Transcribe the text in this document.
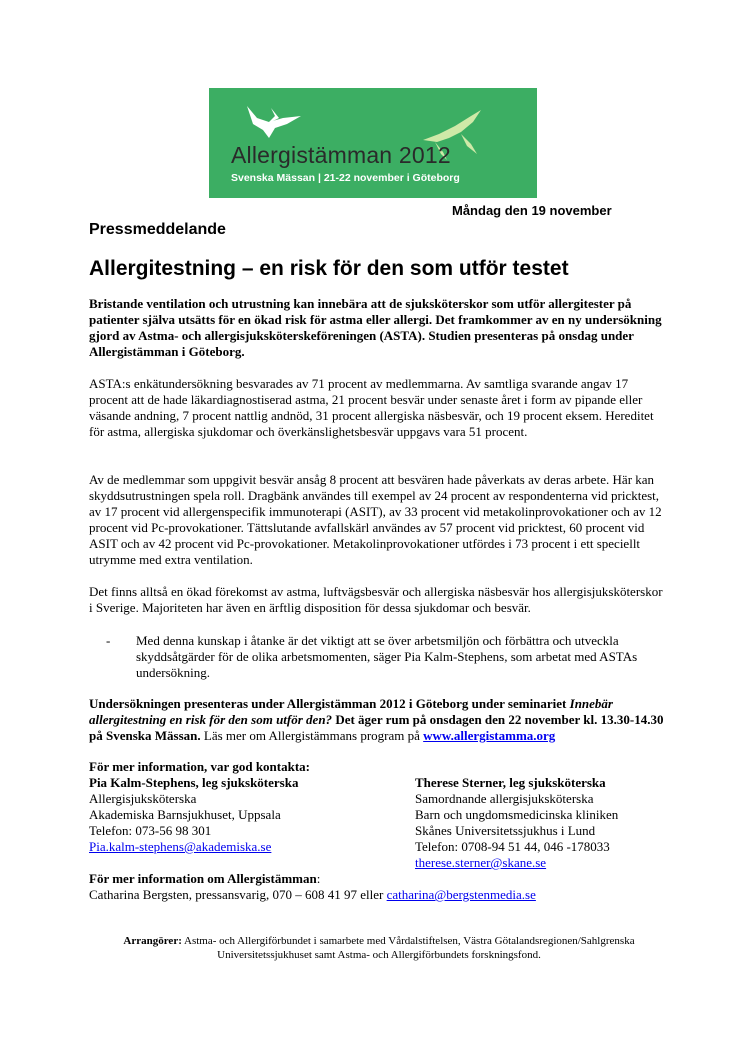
Allergistämman 2012
Svenska Mässan | 21-22 november i Göteborg
Måndag den 19 november
Pressmeddelande
Allergitestning – en risk för den som utför testet
Bristande ventilation och utrustning kan innebära att de sjuksköterskor som utför allergitester på patienter själva utsätts för en ökad risk för astma eller allergi. Det framkommer av en ny undersökning gjord av Astma- och allergisjuksköterskeföreningen (ASTA). Studien presenteras på onsdag under Allergistämman i Göteborg.
ASTA:s enkätundersökning besvarades av 71 procent av medlemmarna. Av samtliga svarande angav 17 procent att de hade läkardiagnostiserad astma, 21 procent besvär under senaste året i form av pipande eller väsande andning, 7 procent nattlig andnöd, 31 procent allergiska näsbesvär, och 19 procent eksem. Hereditet för astma, allergiska sjukdomar och överkänslighetsbesvär uppgavs vara 51 procent.
Av de medlemmar som uppgivit besvär ansåg 8 procent att besvären hade påverkats av deras arbete. Här kan skyddsutrustningen spela roll. Dragbänk användes till exempel av 24 procent av respondenterna vid pricktest, av 17 procent vid allergenspecifik immunoterapi (ASIT), av 33 procent vid metakolinprovokationer och av 12 procent vid Pc-provokationer. Tättslutande avfallskärl användes av 57 procent vid pricktest, 60 procent vid ASIT och av 42 procent vid Pc-provokationer. Metakolinprovokationer utfördes i 73 procent i ett speciellt utrymme med extra ventilation.
Det finns alltså en ökad förekomst av astma, luftvägsbesvär och allergiska näsbesvär hos allergisjuksköterskor i Sverige. Majoriteten har även en ärftlig disposition för dessa sjukdomar och besvär.
- Med denna kunskap i åtanke är det viktigt att se över arbetsmiljön och förbättra och utveckla skyddsåtgärder för de olika arbetsmomenten, säger Pia Kalm-Stephens, som arbetat med ASTAs undersökning.
Undersökningen presenteras under Allergistämman 2012 i Göteborg under seminariet Innebär allergitestning en risk för den som utför den? Det äger rum på onsdagen den 22 november kl. 13.30-14.30 på Svenska Mässan. Läs mer om Allergistämmans program på www.allergistamma.org
För mer information, var god kontakta:
Pia Kalm-Stephens, leg sjuksköterska
Allergisjuksköterska
Akademiska Barnsjukhuset, Uppsala
Telefon: 073-56 98 301
Pia.kalm-stephens@akademiska.se
Therese Sterner, leg sjuksköterska
Samordnande allergisjuksköterska
Barn och ungdomsmedicinska kliniken
Skånes Universitetssjukhus i Lund
Telefon: 0708-94 51 44, 046 -178033
therese.sterner@skane.se
För mer information om Allergistämman:
Catharina Bergsten, pressansvarig, 070 – 608 41 97 eller catharina@bergstenmedia.se
Arrangörer: Astma- och Allergiförbundet i samarbete med Vårdalstiftelsen, Västra Götalandsregionen/Sahlgrenska Universitetssjukhuset samt Astma- och Allergiförbundets forskningsfond.
